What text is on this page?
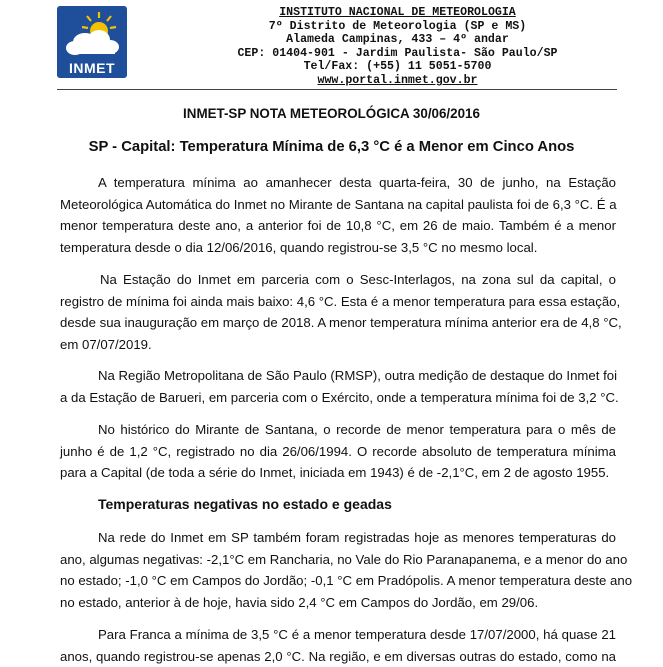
INMET
INSTITUTO NACIONAL DE METEOROLOGIA
7º Distrito de Meteorologia (SP e MS)
Alameda Campinas, 433 – 4º andar
CEP: 01404-901 - Jardim Paulista- São Paulo/SP
Tel/Fax: (+55) 11 5051-5700
www.portal.inmet.gov.br
INMET-SP NOTA METEOROLÓGICA 30/06/2016
SP - Capital: Temperatura Mínima de 6,3 °C é a Menor em Cinco Anos
A temperatura mínima ao amanhecer desta quarta-feira, 30 de junho, na Estação
Meteorológica Automática do Inmet no Mirante de Santana na capital paulista foi de 6,3 °C. É a
menor temperatura deste ano, a anterior foi de 10,8 °C, em 26 de maio. Também é a menor
temperatura desde o dia 12/06/2016, quando registrou-se 3,5 °C no mesmo local.
Na Estação do Inmet em parceria com o Sesc-Interlagos, na zona sul da capital, o
registro de mínima foi ainda mais baixo: 4,6 °C. Esta é a menor temperatura para essa estação,
desde sua inauguração em março de 2018. A menor temperatura mínima anterior era de 4,8 °C,
em 07/07/2019.
Na Região Metropolitana de São Paulo (RMSP), outra medição de destaque do Inmet foi
a da Estação de Barueri, em parceria com o Exército, onde a temperatura mínima foi de 3,2 °C.
No histórico do Mirante de Santana, o recorde de menor temperatura para o mês de
junho é de 1,2 °C, registrado no dia 26/06/1994. O recorde absoluto de temperatura mínima
para a Capital (de toda a série do Inmet, iniciada em 1943) é de -2,1°C, em 2 de agosto 1955.
Temperaturas negativas no estado e geadas
Na rede do Inmet em SP também foram registradas hoje as menores temperaturas do
ano, algumas negativas: -2,1°C em Rancharia, no Vale do Rio Paranapanema, e a menor do ano
no estado; -1,0 °C em Campos do Jordão; -0,1 °C em Pradópolis. A menor temperatura deste ano
no estado, anterior à de hoje, havia sido 2,4 °C em Campos do Jordão, em 29/06.
Para Franca a mínima de 3,5 °C é a menor temperatura desde 17/07/2000, há quase 21
anos, quando registrou-se apenas 2,0 °C. Na região, e em diversas outras do estado, como na
